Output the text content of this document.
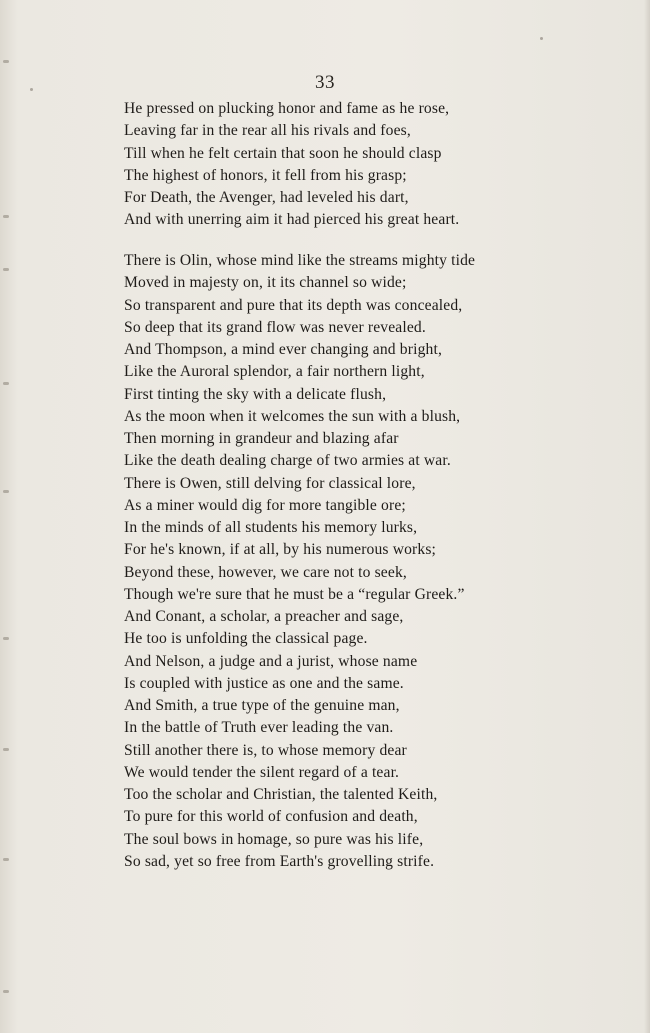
33
He pressed on plucking honor and fame as he rose,
Leaving far in the rear all his rivals and foes,
Till when he felt certain that soon he should clasp
The highest of honors, it fell from his grasp;
For Death, the Avenger, had leveled his dart,
And with unerring aim it had pierced his great heart.
There is Olin, whose mind like the streams mighty tide
Moved in majesty on, it its channel so wide;
So transparent and pure that its depth was concealed,
So deep that its grand flow was never revealed.
And Thompson, a mind ever changing and bright,
Like the Auroral splendor, a fair northern light,
First tinting the sky with a delicate flush,
As the moon when it welcomes the sun with a blush,
Then morning in grandeur and blazing afar
Like the death dealing charge of two armies at war.
There is Owen, still delving for classical lore,
As a miner would dig for more tangible ore;
In the minds of all students his memory lurks,
For he's known, if at all, by his numerous works;
Beyond these, however, we care not to seek,
Though we're sure that he must be a “regular Greek.”
And Conant, a scholar, a preacher and sage,
He too is unfolding the classical page.
And Nelson, a judge and a jurist, whose name
Is coupled with justice as one and the same.
And Smith, a true type of the genuine man,
In the battle of Truth ever leading the van.
Still another there is, to whose memory dear
We would tender the silent regard of a tear.
Too the scholar and Christian, the talented Keith,
To pure for this world of confusion and death,
The soul bows in homage, so pure was his life,
So sad, yet so free from Earth's grovelling strife.
